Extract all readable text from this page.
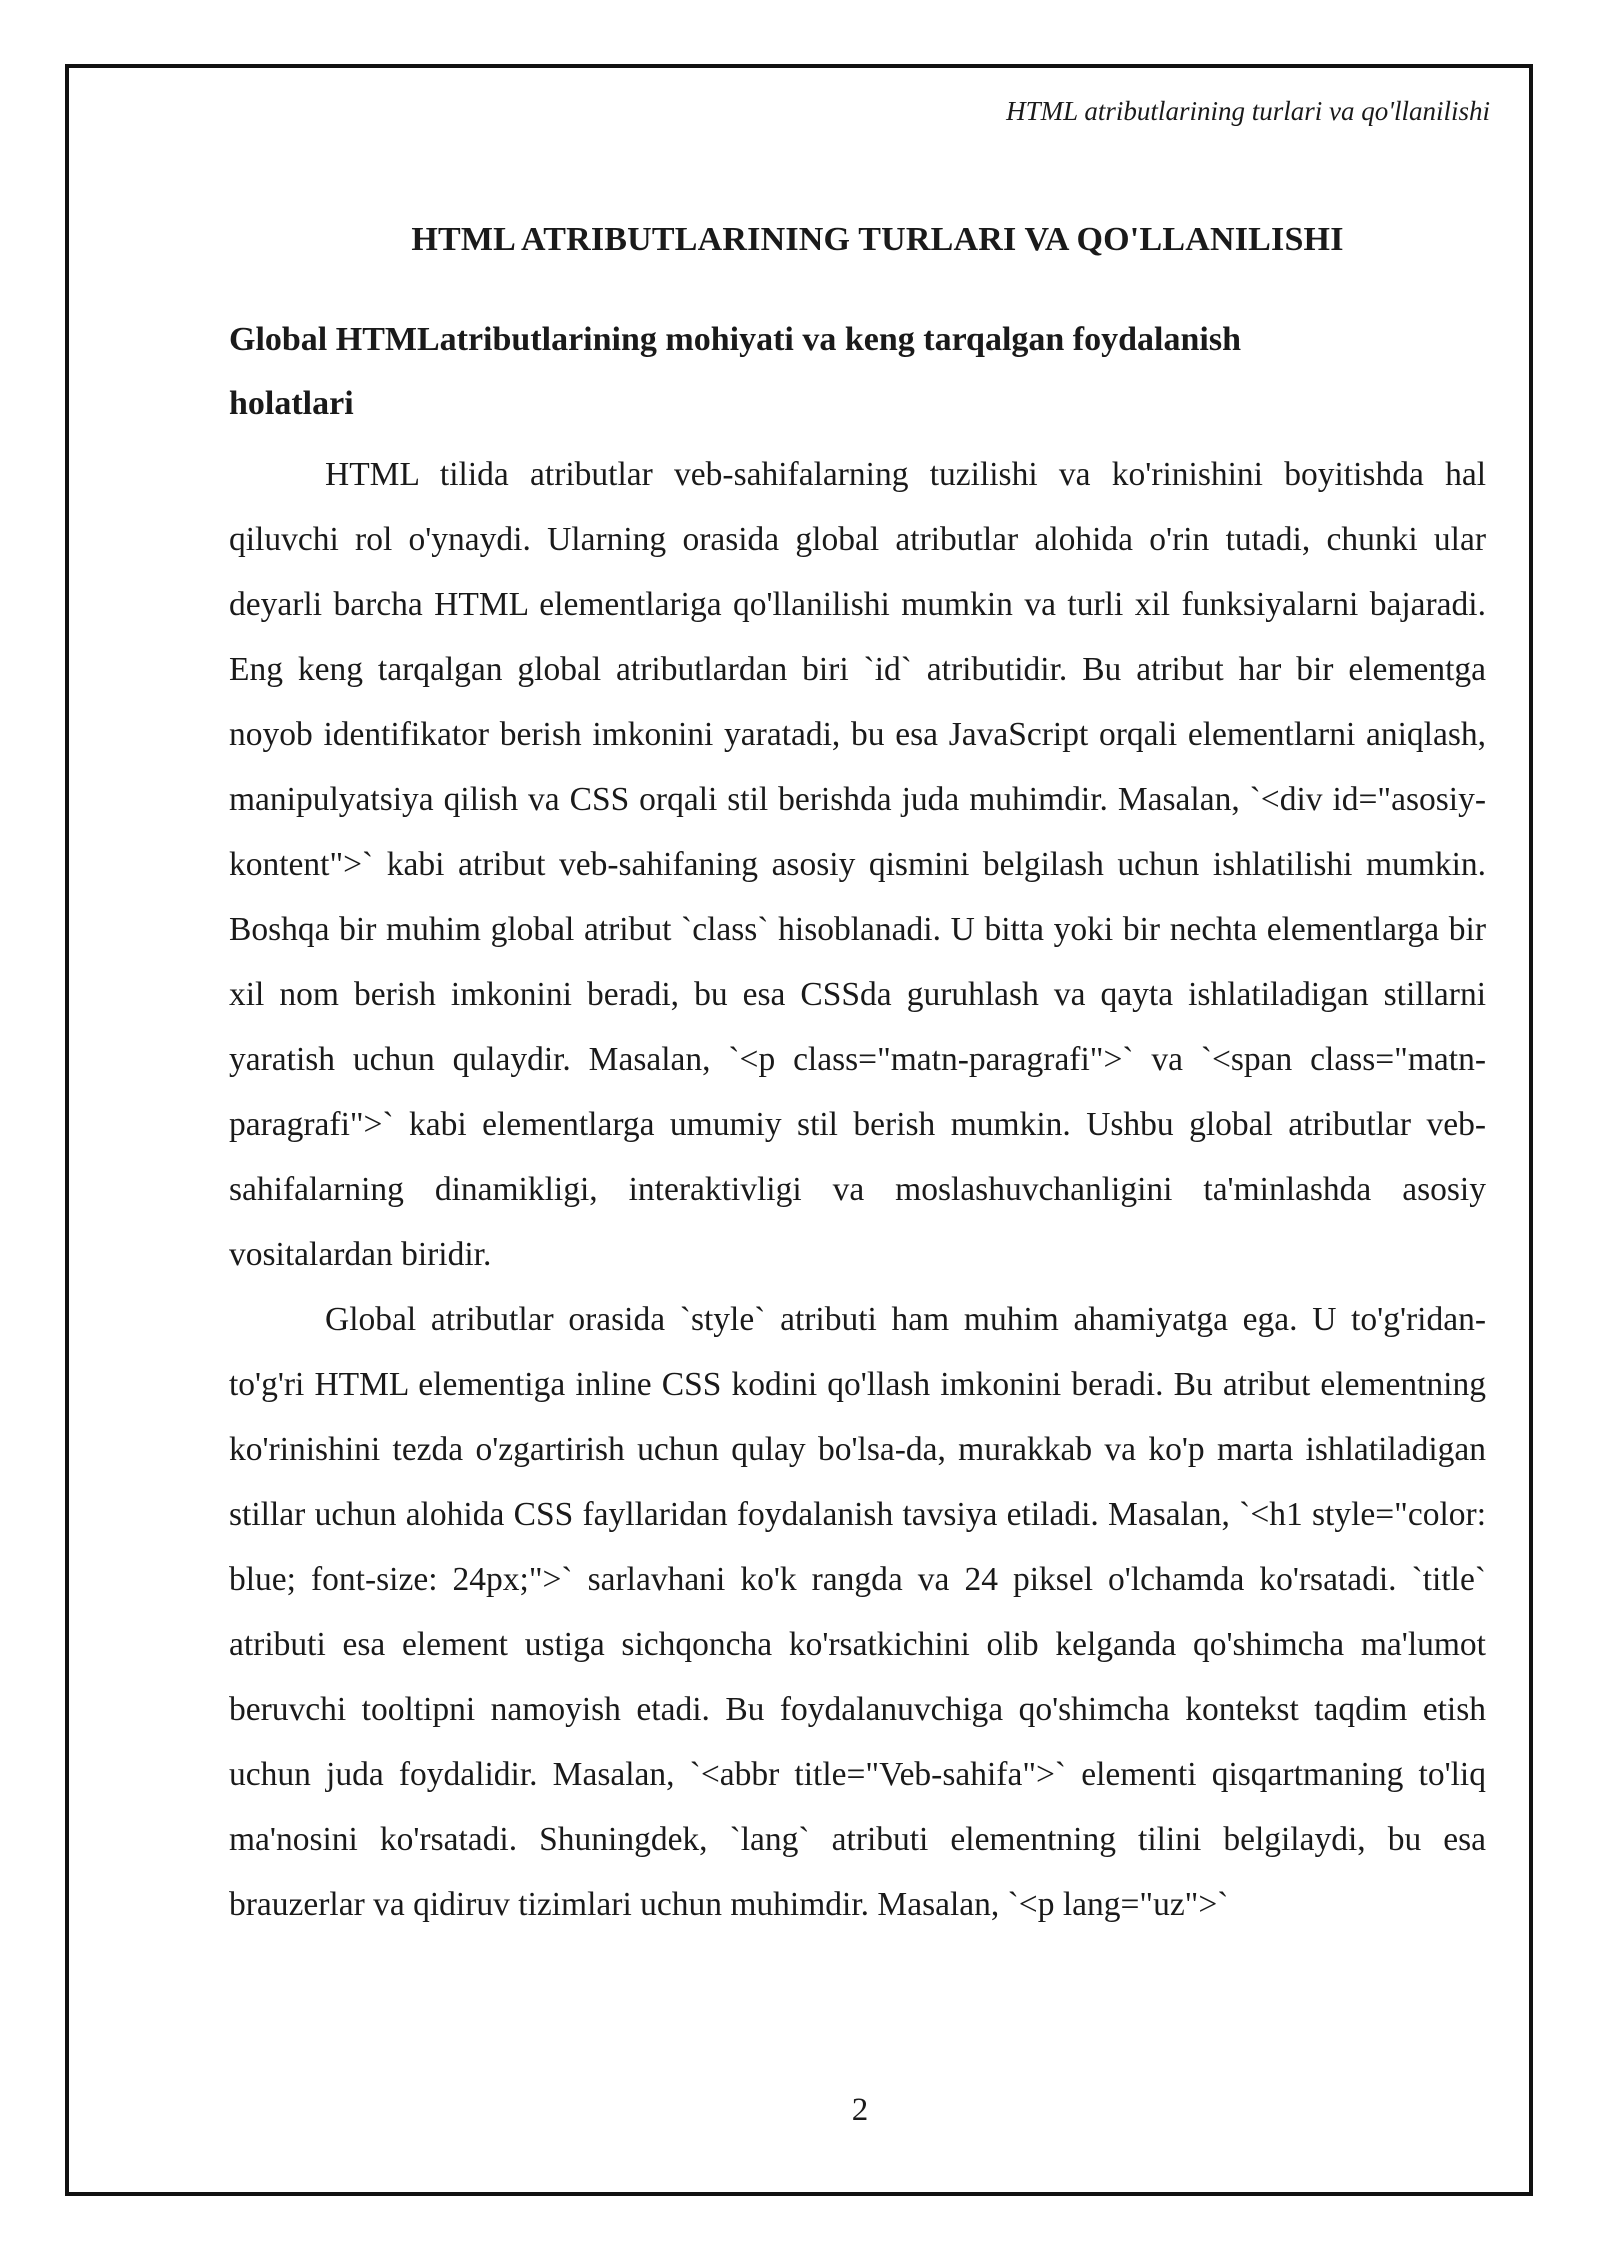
HTML atributlarining turlari va qo'llanilishi
HTML ATRIBUTLARINING TURLARI VA QO'LLANILISHI
Global HTMLatributlarining mohiyati va keng tarqalgan foydalanish holatlari

HTML tilida atributlar veb-sahifalarning tuzilishi va ko'rinishini boyitishda hal qiluvchi rol o'ynaydi. Ularning orasida global atributlar alohida o'rin tutadi, chunki ular deyarli barcha HTML elementlariga qo'llanilishi mumkin va turli xil funksiyalarni bajaradi. Eng keng tarqalgan global atributlardan biri `id` atributidir. Bu atribut har bir elementga noyob identifikator berish imkonini yaratadi, bu esa JavaScript orqali elementlarni aniqlash, manipulyatsiya qilish va CSS orqali stil berishda juda muhimdir. Masalan, `<div id="asosiy-kontent">` kabi atribut veb-sahifaning asosiy qismini belgilash uchun ishlatilishi mumkin. Boshqa bir muhim global atribut `class` hisoblanadi. U bitta yoki bir nechta elementlarga bir xil nom berish imkonini beradi, bu esa CSSda guruhlash va qayta ishlatiladigan stillarni yaratish uchun qulaydir. Masalan, `<p class="matn-paragrafi">` va `<span class="matn-paragrafi">` kabi elementlarga umumiy stil berish mumkin. Ushbu global atributlar veb-sahifalarning dinamikligi, interaktivligi va moslashuvchanligini ta'minlashda asosiy vositalardan biridir.

Global atributlar orasida `style` atributi ham muhim ahamiyatga ega. U to'g'ridan-to'g'ri HTML elementiga inline CSS kodini qo'llash imkonini beradi. Bu atribut elementning ko'rinishini tezda o'zgartirish uchun qulay bo'lsa-da, murakkab va ko'p marta ishlatiladigan stillar uchun alohida CSS fayllaridan foydalanish tavsiya etiladi. Masalan, `<h1 style="color: blue; font-size: 24px;">` sarlavhani ko'k rangda va 24 piksel o'lchamda ko'rsatadi. `title` atributi esa element ustiga sichqoncha ko'rsatkichini olib kelganda qo'shimcha ma'lumot beruvchi tooltipni namoyish etadi. Bu foydalanuvchiga qo'shimcha kontekst taqdim etish uchun juda foydalidir. Masalan, `<abbr title="Veb-sahifa">` elementi qisqartmaning to'liq ma'nosini ko'rsatadi. Shuningdek, `lang` atributi elementning tilini belgilaydi, bu esa brauzerlar va qidiruv tizimlari uchun muhimdir. Masalan, `<p lang="uz">`

2
